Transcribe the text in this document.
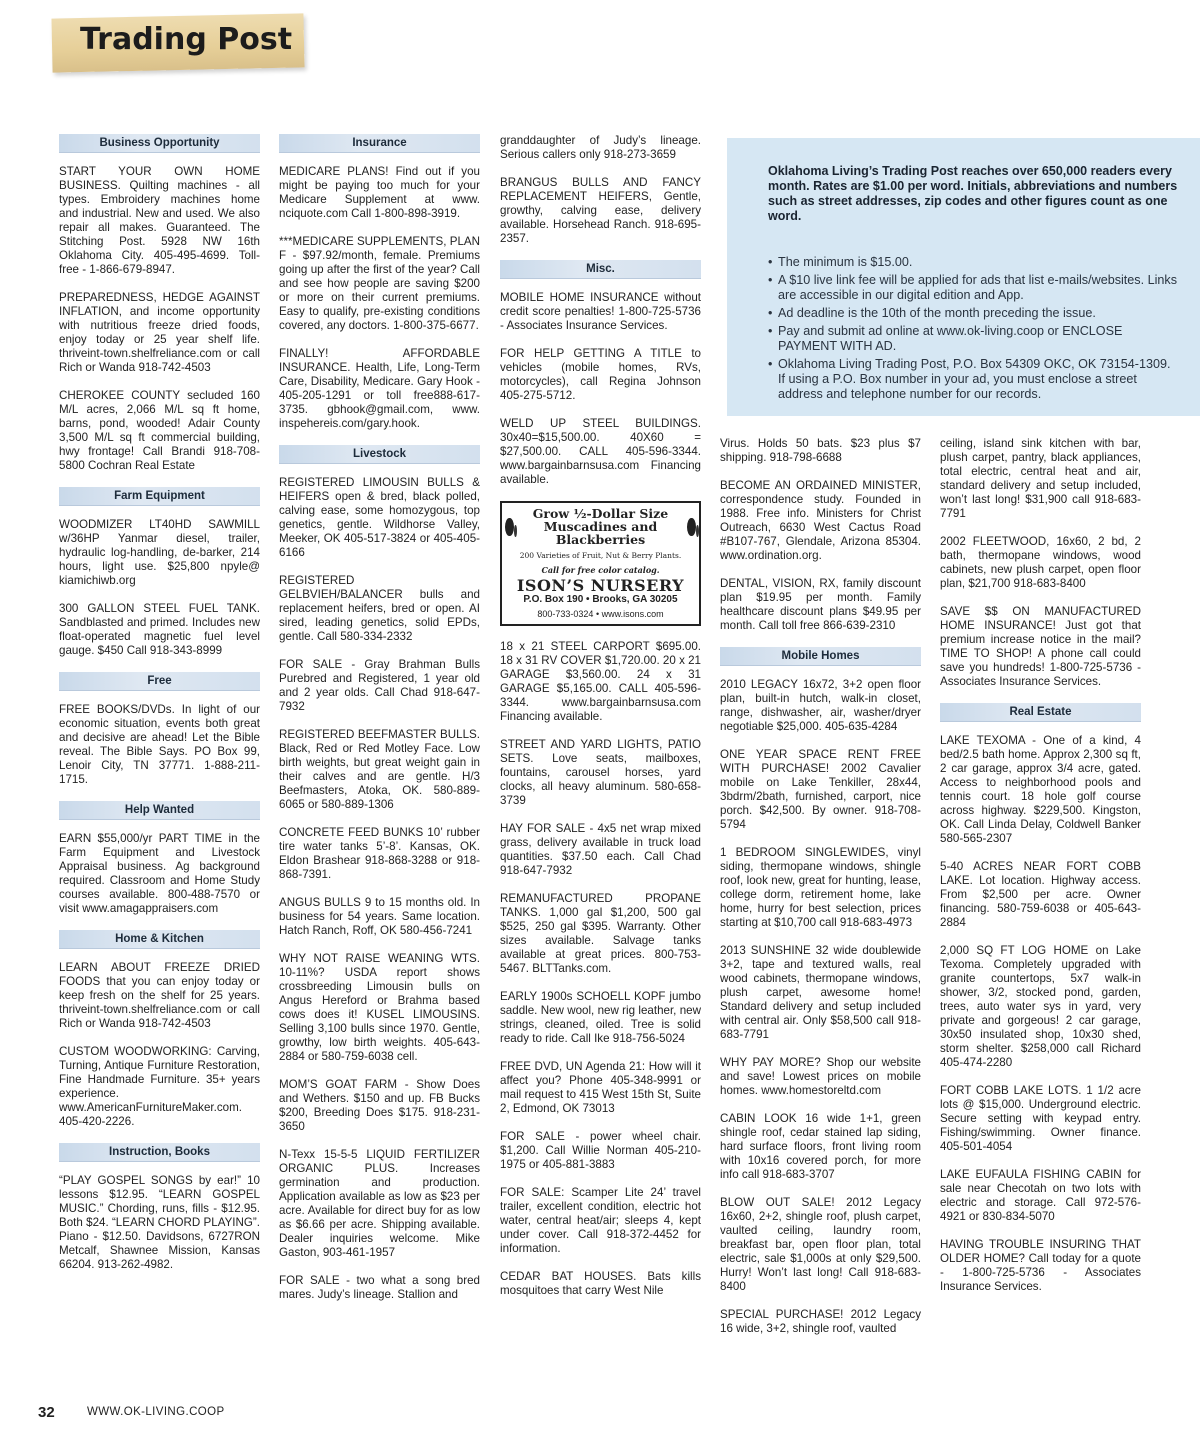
Trading Post
Business Opportunity

START YOUR OWN HOME BUSINESS. Quilting machines - all types. Embroidery machines home and industrial. New and used. We also repair all makes. Guaranteed. The Stitching Post. 5928 NW 16th Oklahoma City. 405-495-4699. Toll-free - 1-866-679-8947.

PREPAREDNESS, HEDGE AGAINST INFLATION, and income opportunity with nutritious freeze dried foods, enjoy today or 25 year shelf life. thriveint-town.shelfreliance.com or call Rich or Wanda 918-742-4503

CHEROKEE COUNTY secluded 160 M/L acres, 2,066 M/L sq ft home, barns, pond, wooded! Adair County 3,500 M/L sq ft commercial building, hwy frontage! Call Brandi 918-708-5800 Cochran Real Estate

Farm Equipment

WOODMIZER LT40HD SAWMILL w/36HP Yanmar diesel, trailer, hydraulic log-handling, de-barker, 214 hours, light use. $25,800 npyle@ kiamichiwb.org

300 GALLON STEEL FUEL TANK. Sandblasted and primed. Includes new float-operated magnetic fuel level gauge. $450 Call 918-343-8999

Free

FREE BOOKS/DVDs. In light of our economic situation, events both great and decisive are ahead! Let the Bible reveal. The Bible Says. PO Box 99, Lenoir City, TN 37771. 1-888-211-1715.

Help Wanted

EARN $55,000/yr PART TIME in the Farm Equipment and Livestock Appraisal business. Ag background required. Classroom and Home Study courses available. 800-488-7570 or visit www.amagappraisers.com

Home & Kitchen

LEARN ABOUT FREEZE DRIED FOODS that you can enjoy today or keep fresh on the shelf for 25 years. thriveint-town.shelfreliance.com or call Rich or Wanda 918-742-4503

CUSTOM WOODWORKING: Carving, Turning, Antique Furniture Restoration, Fine Handmade Furniture. 35+ years experience. www.AmericanFurnitureMaker.com. 405-420-2226.

Instruction, Books

“PLAY GOSPEL SONGS by ear!” 10 lessons $12.95. “LEARN GOSPEL MUSIC.” Chording, runs, fills - $12.95. Both $24. “LEARN CHORD PLAYING”. Piano - $12.50. Davidsons, 6727RON Metcalf, Shawnee Mission, Kansas 66204. 913-262-4982.

Insurance

MEDICARE PLANS! Find out if you might be paying too much for your Medicare Supplement at www. nciquote.com Call 1-800-898-3919.

***MEDICARE SUPPLEMENTS, PLAN F - $97.92/month, female. Premiums going up after the first of the year? Call and see how people are saving $200 or more on their current premiums. Easy to qualify, pre-existing conditions covered, any doctors. 1-800-375-6677.

FINALLY! AFFORDABLE INSURANCE. Health, Life, Long-Term Care, Disability, Medicare. Gary Hook - 405-205-1291 or toll free888-617-3735. gbhook@gmail.com, www. inspehereis.com/gary.hook.

Livestock

REGISTERED LIMOUSIN BULLS & HEIFERS open & bred, black polled, calving ease, some homozygous, top genetics, gentle. Wildhorse Valley, Meeker, OK 405-517-3824 or 405-405-6166

REGISTERED GELBVIEH/BALANCER bulls and replacement heifers, bred or open. AI sired, leading genetics, solid EPDs, gentle. Call 580-334-2332

FOR SALE - Gray Brahman Bulls Purebred and Registered, 1 year old and 2 year olds. Call Chad 918-647-7932

REGISTERED BEEFMASTER BULLS. Black, Red or Red Motley Face. Low birth weights, but great weight gain in their calves and are gentle. H/3 Beefmasters, Atoka, OK. 580-889-6065 or 580-889-1306

CONCRETE FEED BUNKS 10’ rubber tire water tanks 5’-8’. Kansas, OK. Eldon Brashear 918-868-3288 or 918-868-7391.

ANGUS BULLS 9 to 15 months old. In business for 54 years. Same location. Hatch Ranch, Roff, OK 580-456-7241

WHY NOT RAISE WEANING WTS. 10-11%? USDA report shows crossbreeding Limousin bulls on Angus Hereford or Brahma based cows does it! KUSEL LIMOUSINS. Selling 3,100 bulls since 1970. Gentle, growthy, low birth weights. 405-643-2884 or 580-759-6038 cell.

MOM’S GOAT FARM - Show Does and Wethers. $150 and up. FB Bucks $200, Breeding Does $175. 918-231-3650

N-Texx 15-5-5 LIQUID FERTILIZER ORGANIC PLUS. Increases germination and production. Application available as low as $23 per acre. Available for direct buy for as low as $6.66 per acre. Shipping available. Dealer inquiries welcome. Mike Gaston, 903-461-1957

FOR SALE - two what a song bred mares. Judy’s lineage. Stallion and

granddaughter of Judy’s lineage. Serious callers only 918-273-3659

BRANGUS BULLS AND FANCY REPLACEMENT HEIFERS, Gentle, growthy, calving ease, delivery available. Horsehead Ranch. 918-695-2357.

Misc.

MOBILE HOME INSURANCE without credit score penalties! 1-800-725-5736 - Associates Insurance Services.

FOR HELP GETTING A TITLE to vehicles (mobile homes, RVs, motorcycles), call Regina Johnson 405-275-5712.

WELD UP STEEL BUILDINGS. 30x40=$15,500.00. 40X60 = $27,500.00. CALL 405-596-3344. www.bargainbarnsusa.com Financing available.

Grow ½-Dollar Size Muscadines and Blackberries
200 Varieties of Fruit, Nut & Berry Plants.
Call for free color catalog.
ISON’S NURSERY
P.O. Box 190 • Brooks, GA 30205
800-733-0324 • www.isons.com

18 x 21 STEEL CARPORT $695.00. 18 x 31 RV COVER $1,720.00. 20 x 21 GARAGE $3,560.00. 24 x 31 GARAGE $5,165.00. CALL 405-596-3344. www.bargainbarnsusa.com Financing available.

STREET AND YARD LIGHTS, PATIO SETS. Love seats, mailboxes, fountains, carousel horses, yard clocks, all heavy aluminum. 580-658-3739

HAY FOR SALE - 4x5 net wrap mixed grass, delivery available in truck load quantities. $37.50 each. Call Chad 918-647-7932

REMANUFACTURED PROPANE TANKS. 1,000 gal $1,200, 500 gal $525, 250 gal $395. Warranty. Other sizes available. Salvage tanks available at great prices. 800-753-5467. BLTTanks.com.

EARLY 1900s SCHOELL KOPF jumbo saddle. New wool, new rig leather, new strings, cleaned, oiled. Tree is solid ready to ride. Call Ike 918-756-5024

FREE DVD, UN Agenda 21: How will it affect you? Phone 405-348-9991 or mail request to 415 West 15th St, Suite 2, Edmond, OK 73013

FOR SALE - power wheel chair. $1,200. Call Willie Norman 405-210-1975 or 405-881-3883

FOR SALE: Scamper Lite 24’ travel trailer, excellent condition, electric hot water, central heat/air; sleeps 4, kept under cover. Call 918-372-4452 for information.

CEDAR BAT HOUSES. Bats kills mosquitoes that carry West Nile

Oklahoma Living’s Trading Post reaches over 650,000 readers every month. Rates are $1.00 per word. Initials, abbreviations and numbers such as street addresses, zip codes and other figures count as one word.

• The minimum is $15.00.
• A $10 live link fee will be applied for ads that list e-mails/websites. Links are accessible in our digital edition and App.
• Ad deadline is the 10th of the month preceding the issue.
• Pay and submit ad online at www.ok-living.coop or ENCLOSE PAYMENT WITH AD.
• Oklahoma Living Trading Post, P.O. Box 54309 OKC, OK 73154-1309. If using a P.O. Box number in your ad, you must enclose a street address and telephone number for our records.

Virus. Holds 50 bats. $23 plus $7 shipping. 918-798-6688

BECOME AN ORDAINED MINISTER, correspondence study. Founded in 1988. Free info. Ministers for Christ Outreach, 6630 West Cactus Road #B107-767, Glendale, Arizona 85304. www.ordination.org.

DENTAL, VISION, RX, family discount plan $19.95 per month. Family healthcare discount plans $49.95 per month. Call toll free 866-639-2310

Mobile Homes

2010 LEGACY 16x72, 3+2 open floor plan, built-in hutch, walk-in closet, range, dishwasher, air, washer/dryer negotiable $25,000. 405-635-4284

ONE YEAR SPACE RENT FREE WITH PURCHASE! 2002 Cavalier mobile on Lake Tenkiller, 28x44, 3bdrm/2bath, furnished, carport, nice porch. $42,500. By owner. 918-708-5794

1 BEDROOM SINGLEWIDES, vinyl siding, thermopane windows, shingle roof, look new, great for hunting, lease, college dorm, retirement home, lake home, hurry for best selection, prices starting at $10,700 call 918-683-4973

2013 SUNSHINE 32 wide doublewide 3+2, tape and textured walls, real wood cabinets, thermopane windows, plush carpet, awesome home! Standard delivery and setup included with central air. Only $58,500 call 918-683-7791

WHY PAY MORE? Shop our website and save! Lowest prices on mobile homes. www.homestoreltd.com

CABIN LOOK 16 wide 1+1, green shingle roof, cedar stained lap siding, hard surface floors, front living room with 10x16 covered porch, for more info call 918-683-3707

BLOW OUT SALE! 2012 Legacy 16x60, 2+2, shingle roof, plush carpet, vaulted ceiling, laundry room, breakfast bar, open floor plan, total electric, sale $1,000s at only $29,500. Hurry! Won’t last long! Call 918-683-8400

SPECIAL PURCHASE! 2012 Legacy 16 wide, 3+2, shingle roof, vaulted

ceiling, island sink kitchen with bar, plush carpet, pantry, black appliances, total electric, central heat and air, standard delivery and setup included, won’t last long! $31,900 call 918-683-7791

2002 FLEETWOOD, 16x60, 2 bd, 2 bath, thermopane windows, wood cabinets, new plush carpet, open floor plan, $21,700 918-683-8400

SAVE $$ ON MANUFACTURED HOME INSURANCE! Just got that premium increase notice in the mail? TIME TO SHOP! A phone call could save you hundreds! 1-800-725-5736 - Associates Insurance Services.

Real Estate

LAKE TEXOMA - One of a kind, 4 bed/2.5 bath home. Approx 2,300 sq ft, 2 car garage, approx 3/4 acre, gated. Access to neighborhood pools and tennis court. 18 hole golf course across highway. $229,500. Kingston, OK. Call Linda Delay, Coldwell Banker 580-565-2307

5-40 ACRES NEAR FORT COBB LAKE. Lot location. Highway access. From $2,500 per acre. Owner financing. 580-759-6038 or 405-643-2884

2,000 SQ FT LOG HOME on Lake Texoma. Completely upgraded with granite countertops, 5x7 walk-in shower, 3/2, stocked pond, garden, trees, auto water sys in yard, very private and gorgeous! 2 car garage, 30x50 insulated shop, 10x30 shed, storm shelter. $258,000 call Richard 405-474-2280

FORT COBB LAKE LOTS. 1 1/2 acre lots @ $15,000. Underground electric. Secure setting with keypad entry. Fishing/swimming. Owner finance. 405-501-4054

LAKE EUFAULA FISHING CABIN for sale near Checotah on two lots with electric and storage. Call 972-576-4921 or 830-834-5070

HAVING TROUBLE INSURING THAT OLDER HOME? Call today for a quote - 1-800-725-5736 - Associates Insurance Services.

32	WWW.OK-LIVING.COOP
